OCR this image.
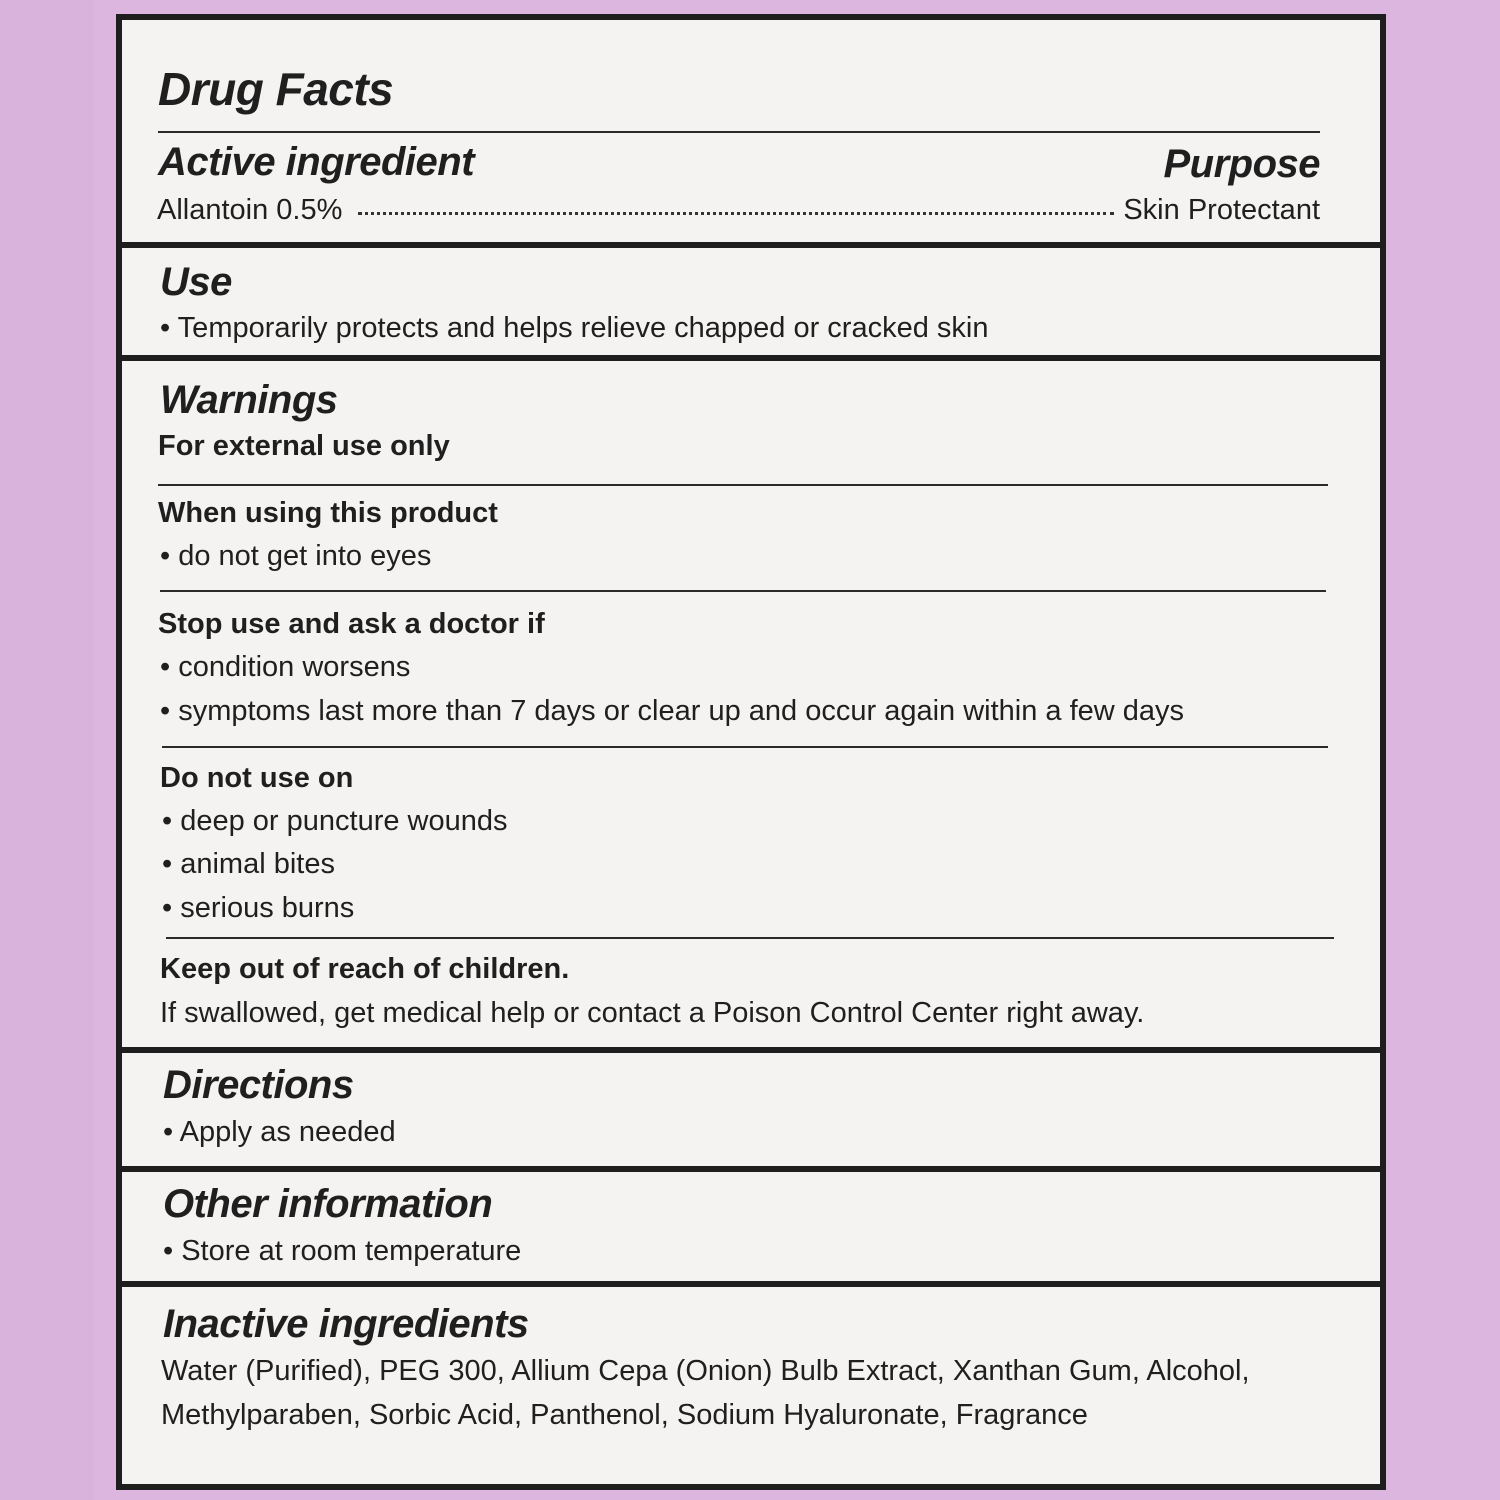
Drug Facts
Active ingredient	Purpose
Allantoin 0.5%	Skin Protectant
Use
• Temporarily protects and helps relieve chapped or cracked skin
Warnings
For external use only
When using this product
• do not get into eyes
Stop use and ask a doctor if
• condition worsens
• symptoms last more than 7 days or clear up and occur again within a few days
Do not use on
• deep or puncture wounds
• animal bites
• serious burns
Keep out of reach of children.
If swallowed, get medical help or contact a Poison Control Center right away.
Directions
• Apply as needed
Other information
• Store at room temperature
Inactive ingredients
Water (Purified), PEG 300, Allium Cepa (Onion) Bulb Extract, Xanthan Gum, Alcohol,
Methylparaben, Sorbic Acid, Panthenol, Sodium Hyaluronate, Fragrance
